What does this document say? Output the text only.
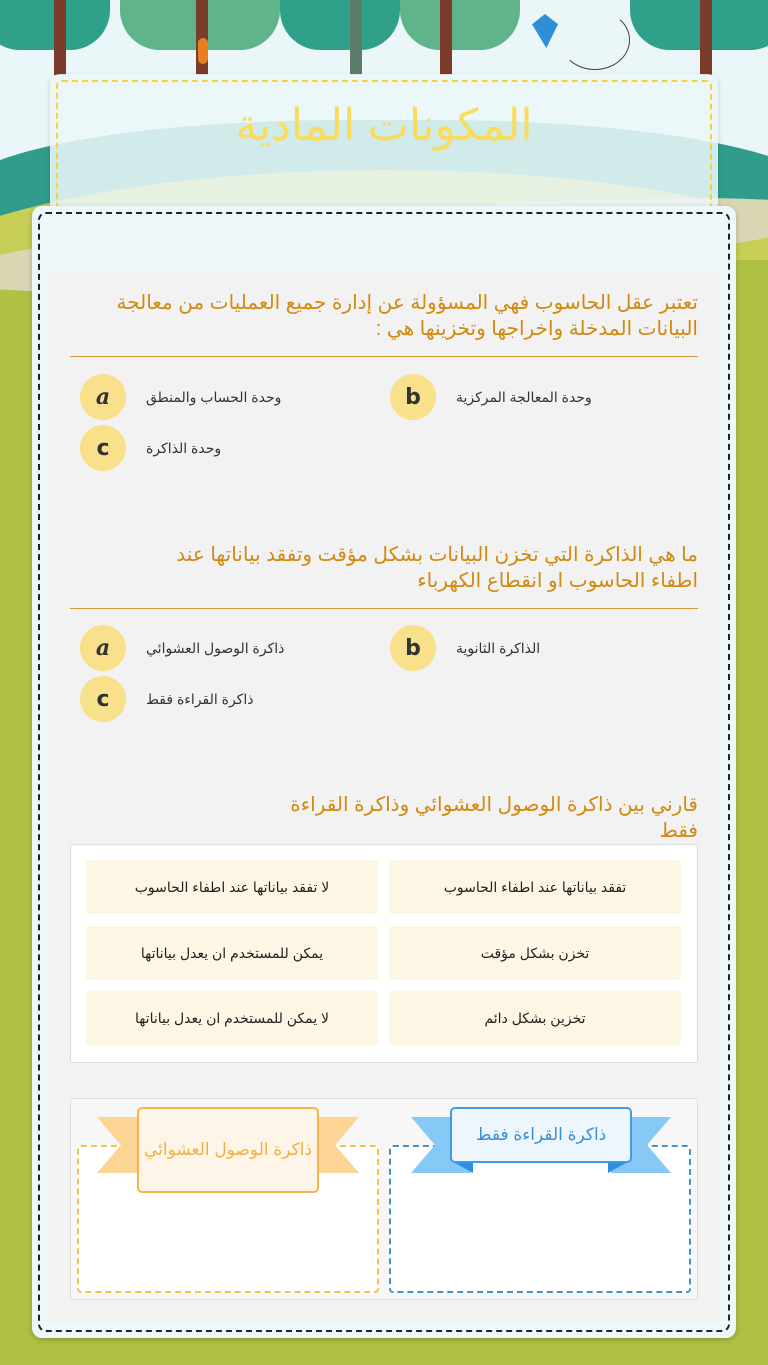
المكونات المادية
تعتبر عقل الحاسوب فهي المسؤولة عن إدارة جميع العمليات من معالجة البيانات المدخلة واخراجها وتخزينها هي :
a	وحدة الحساب والمنطق	b	وحدة المعالجة المركزية
c	وحدة الذاكرة
ما هي الذاكرة التي تخزن البيانات بشكل مؤقت وتفقد بياناتها عند اطفاء الحاسوب او انقطاع الكهرباء
a	ذاكرة الوصول العشوائي	b	الذاكرة الثانوية
c	ذاكرة القراءة فقط
قارني بين ذاكرة الوصول العشوائي وذاكرة القراءة فقط
تفقد بياناتها عند اطفاء الحاسوب
لا تفقد بياناتها عند اطفاء الحاسوب
تخزن بشكل مؤقت
يمكن للمستخدم ان يعدل بياناتها
تخزين بشكل دائم
لا يمكن للمستخدم ان يعدل بياناتها
ذاكرة الوصول العشوائي
ذاكرة القراءة فقط
